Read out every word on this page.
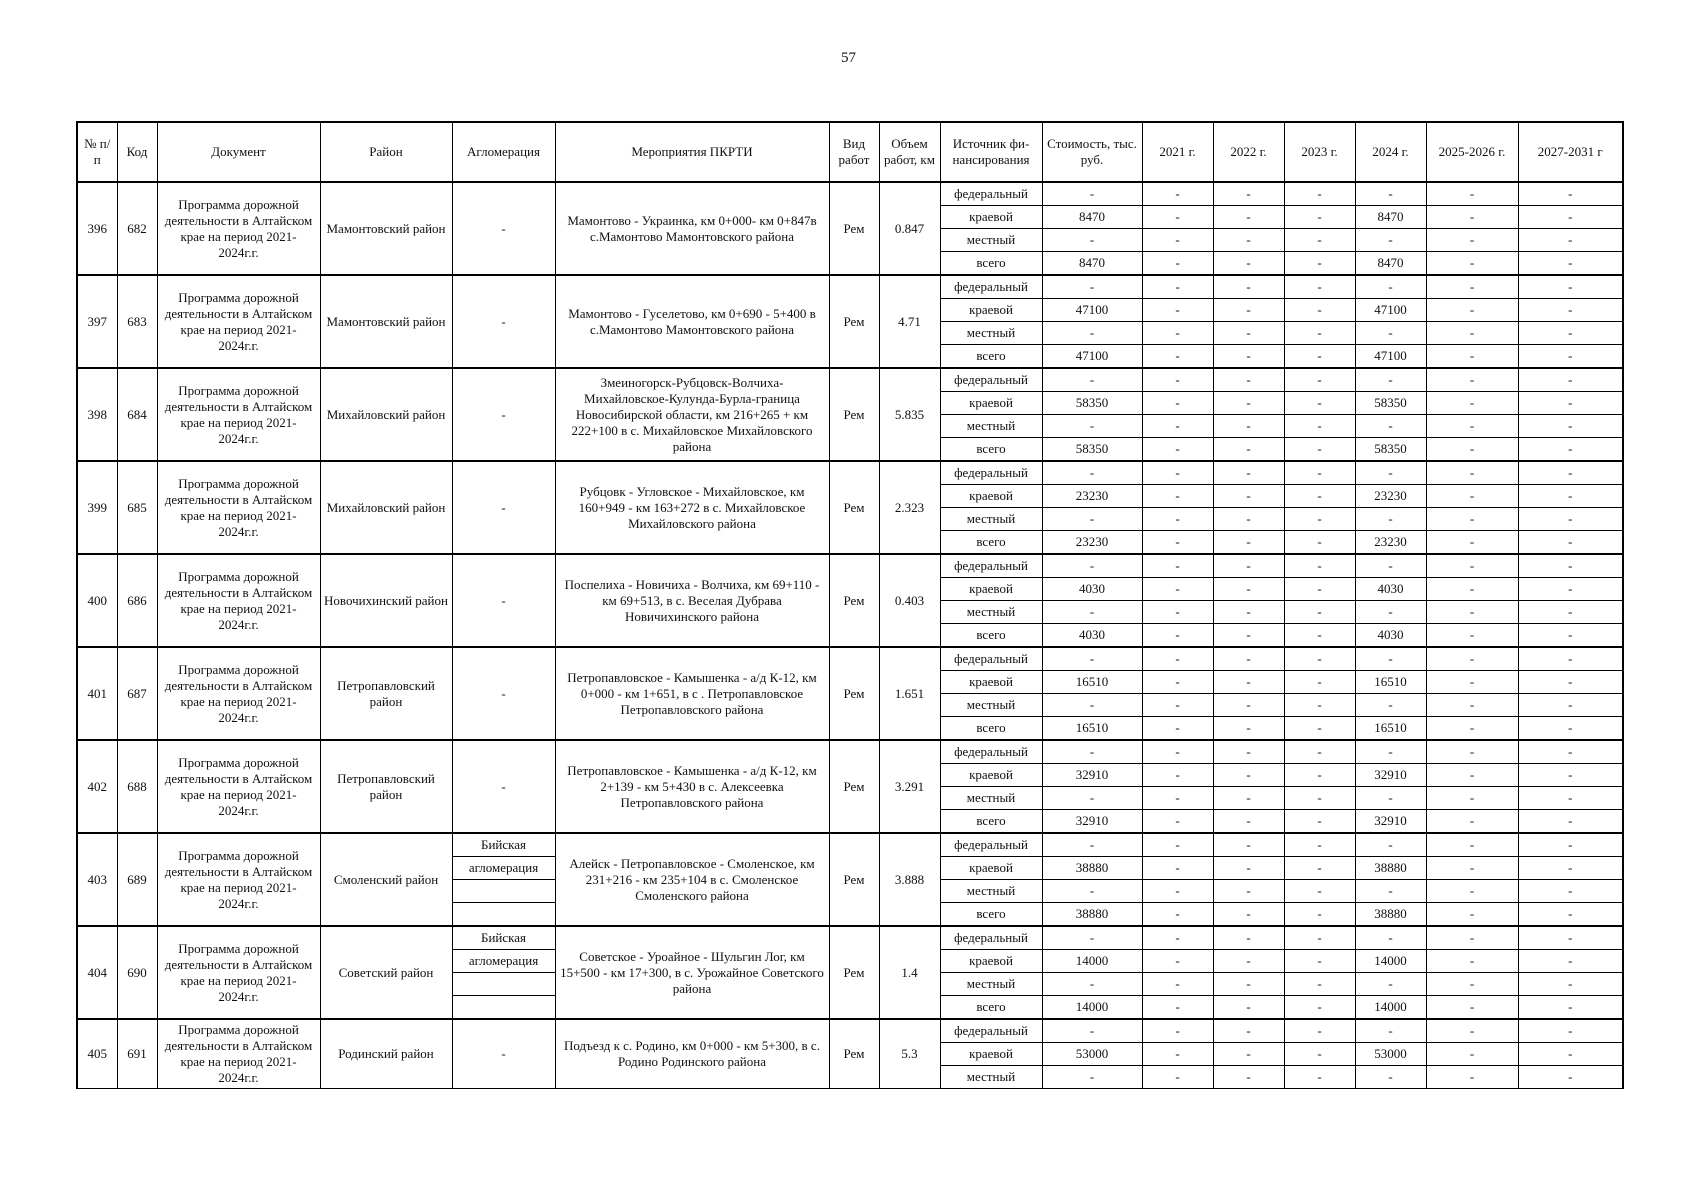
57
№ п/п	Код	Документ	Район	Агломерация	Мероприятия ПКРТИ	Вид работ	Объем работ, км	Источник фи-нансирования	Стоимость, тыс. руб.	2021 г.	2022 г.	2023 г.	2024 г.	2025-2026 г.	2027-2031 г
396	682	Программа дорожной деятельности в Алтайском крае на период 2021-2024г.г.	Мамонтовский район	-	Мамонтово - Украинка, км 0+000- км 0+847в с.Мамонтово Мамонтовского района	Рем	0.847	федеральный	-	-	-	-	-	-	-
								краевой	8470	-	-	-	8470	-	-
								местный	-	-	-	-	-	-	-
								всего	8470	-	-	-	8470	-	-
397	683	Программа дорожной деятельности в Алтайском крае на период 2021-2024г.г.	Мамонтовский район	-	Мамонтово - Гуселетово, км 0+690 - 5+400 в с.Мамонтово Мамонтовского района	Рем	4.71	федеральный	-	-	-	-	-	-	-
								краевой	47100	-	-	-	47100	-	-
								местный	-	-	-	-	-	-	-
								всего	47100	-	-	-	47100	-	-
398	684	Программа дорожной деятельности в Алтайском крае на период 2021-2024г.г.	Михайловский район	-	Змеиногорск-Рубцовск-Волчиха-Михайловское-Кулунда-Бурла-граница Новосибирской области, км 216+265 + км 222+100 в с. Михайловское Михайловского района	Рем	5.835	федеральный	-	-	-	-	-	-	-
								краевой	58350	-	-	-	58350	-	-
								местный	-	-	-	-	-	-	-
								всего	58350	-	-	-	58350	-	-
399	685	Программа дорожной деятельности в Алтайском крае на период 2021-2024г.г.	Михайловский район	-	Рубцовк - Угловское - Михайловское, км 160+949 - км 163+272 в с. Михайловское Михайловского района	Рем	2.323	федеральный	-	-	-	-	-	-	-
								краевой	23230	-	-	-	23230	-	-
								местный	-	-	-	-	-	-	-
								всего	23230	-	-	-	23230	-	-
400	686	Программа дорожной деятельности в Алтайском крае на период 2021-2024г.г.	Новочихинский район	-	Поспелиха - Новичиха - Волчиха, км 69+110 - км 69+513, в с. Веселая Дубрава Новичихинского района	Рем	0.403	федеральный	-	-	-	-	-	-	-
								краевой	4030	-	-	-	4030	-	-
								местный	-	-	-	-	-	-	-
								всего	4030	-	-	-	4030	-	-
401	687	Программа дорожной деятельности в Алтайском крае на период 2021-2024г.г.	Петропавловский район	-	Петропавловское - Камышенка - а/д К-12, км 0+000 - км 1+651, в с . Петропавловское Петропавловского района	Рем	1.651	федеральный	-	-	-	-	-	-	-
								краевой	16510	-	-	-	16510	-	-
								местный	-	-	-	-	-	-	-
								всего	16510	-	-	-	16510	-	-
402	688	Программа дорожной деятельности в Алтайском крае на период 2021-2024г.г.	Петропавловский район	-	Петропавловское - Камышенка - а/д К-12, км 2+139 - км 5+430 в с. Алексеевка Петропавловского района	Рем	3.291	федеральный	-	-	-	-	-	-	-
								краевой	32910	-	-	-	32910	-	-
								местный	-	-	-	-	-	-	-
								всего	32910	-	-	-	32910	-	-
403	689	Программа дорожной деятельности в Алтайском крае на период 2021-2024г.г.	Смоленский район	Бийская	Алейск - Петропавловское - Смоленское, км 231+216 - км 235+104 в с. Смоленское Смоленского района	Рем	3.888	федеральный	-	-	-	-	-	-	-
				агломерация				краевой	38880	-	-	-	38880	-	-
								местный	-	-	-	-	-	-	-
								всего	38880	-	-	-	38880	-	-
404	690	Программа дорожной деятельности в Алтайском крае на период 2021-2024г.г.	Советский район	Бийская	Советское - Уроайное - Шульгин Лог, км 15+500 - км 17+300, в с. Урожайное Советского района	Рем	1.4	федеральный	-	-	-	-	-	-	-
				агломерация				краевой	14000	-	-	-	14000	-	-
								местный	-	-	-	-	-	-	-
								всего	14000	-	-	-	14000	-	-
405	691	Программа дорожной деятельности в Алтайском крае на период 2021-2024г.г.	Родинский район	-	Подъезд к с. Родино, км 0+000 - км 5+300, в с. Родино Родинского района	Рем	5.3	федеральный	-	-	-	-	-	-	-
								краевой	53000	-	-	-	53000	-	-
								местный	-	-	-	-	-	-	-
